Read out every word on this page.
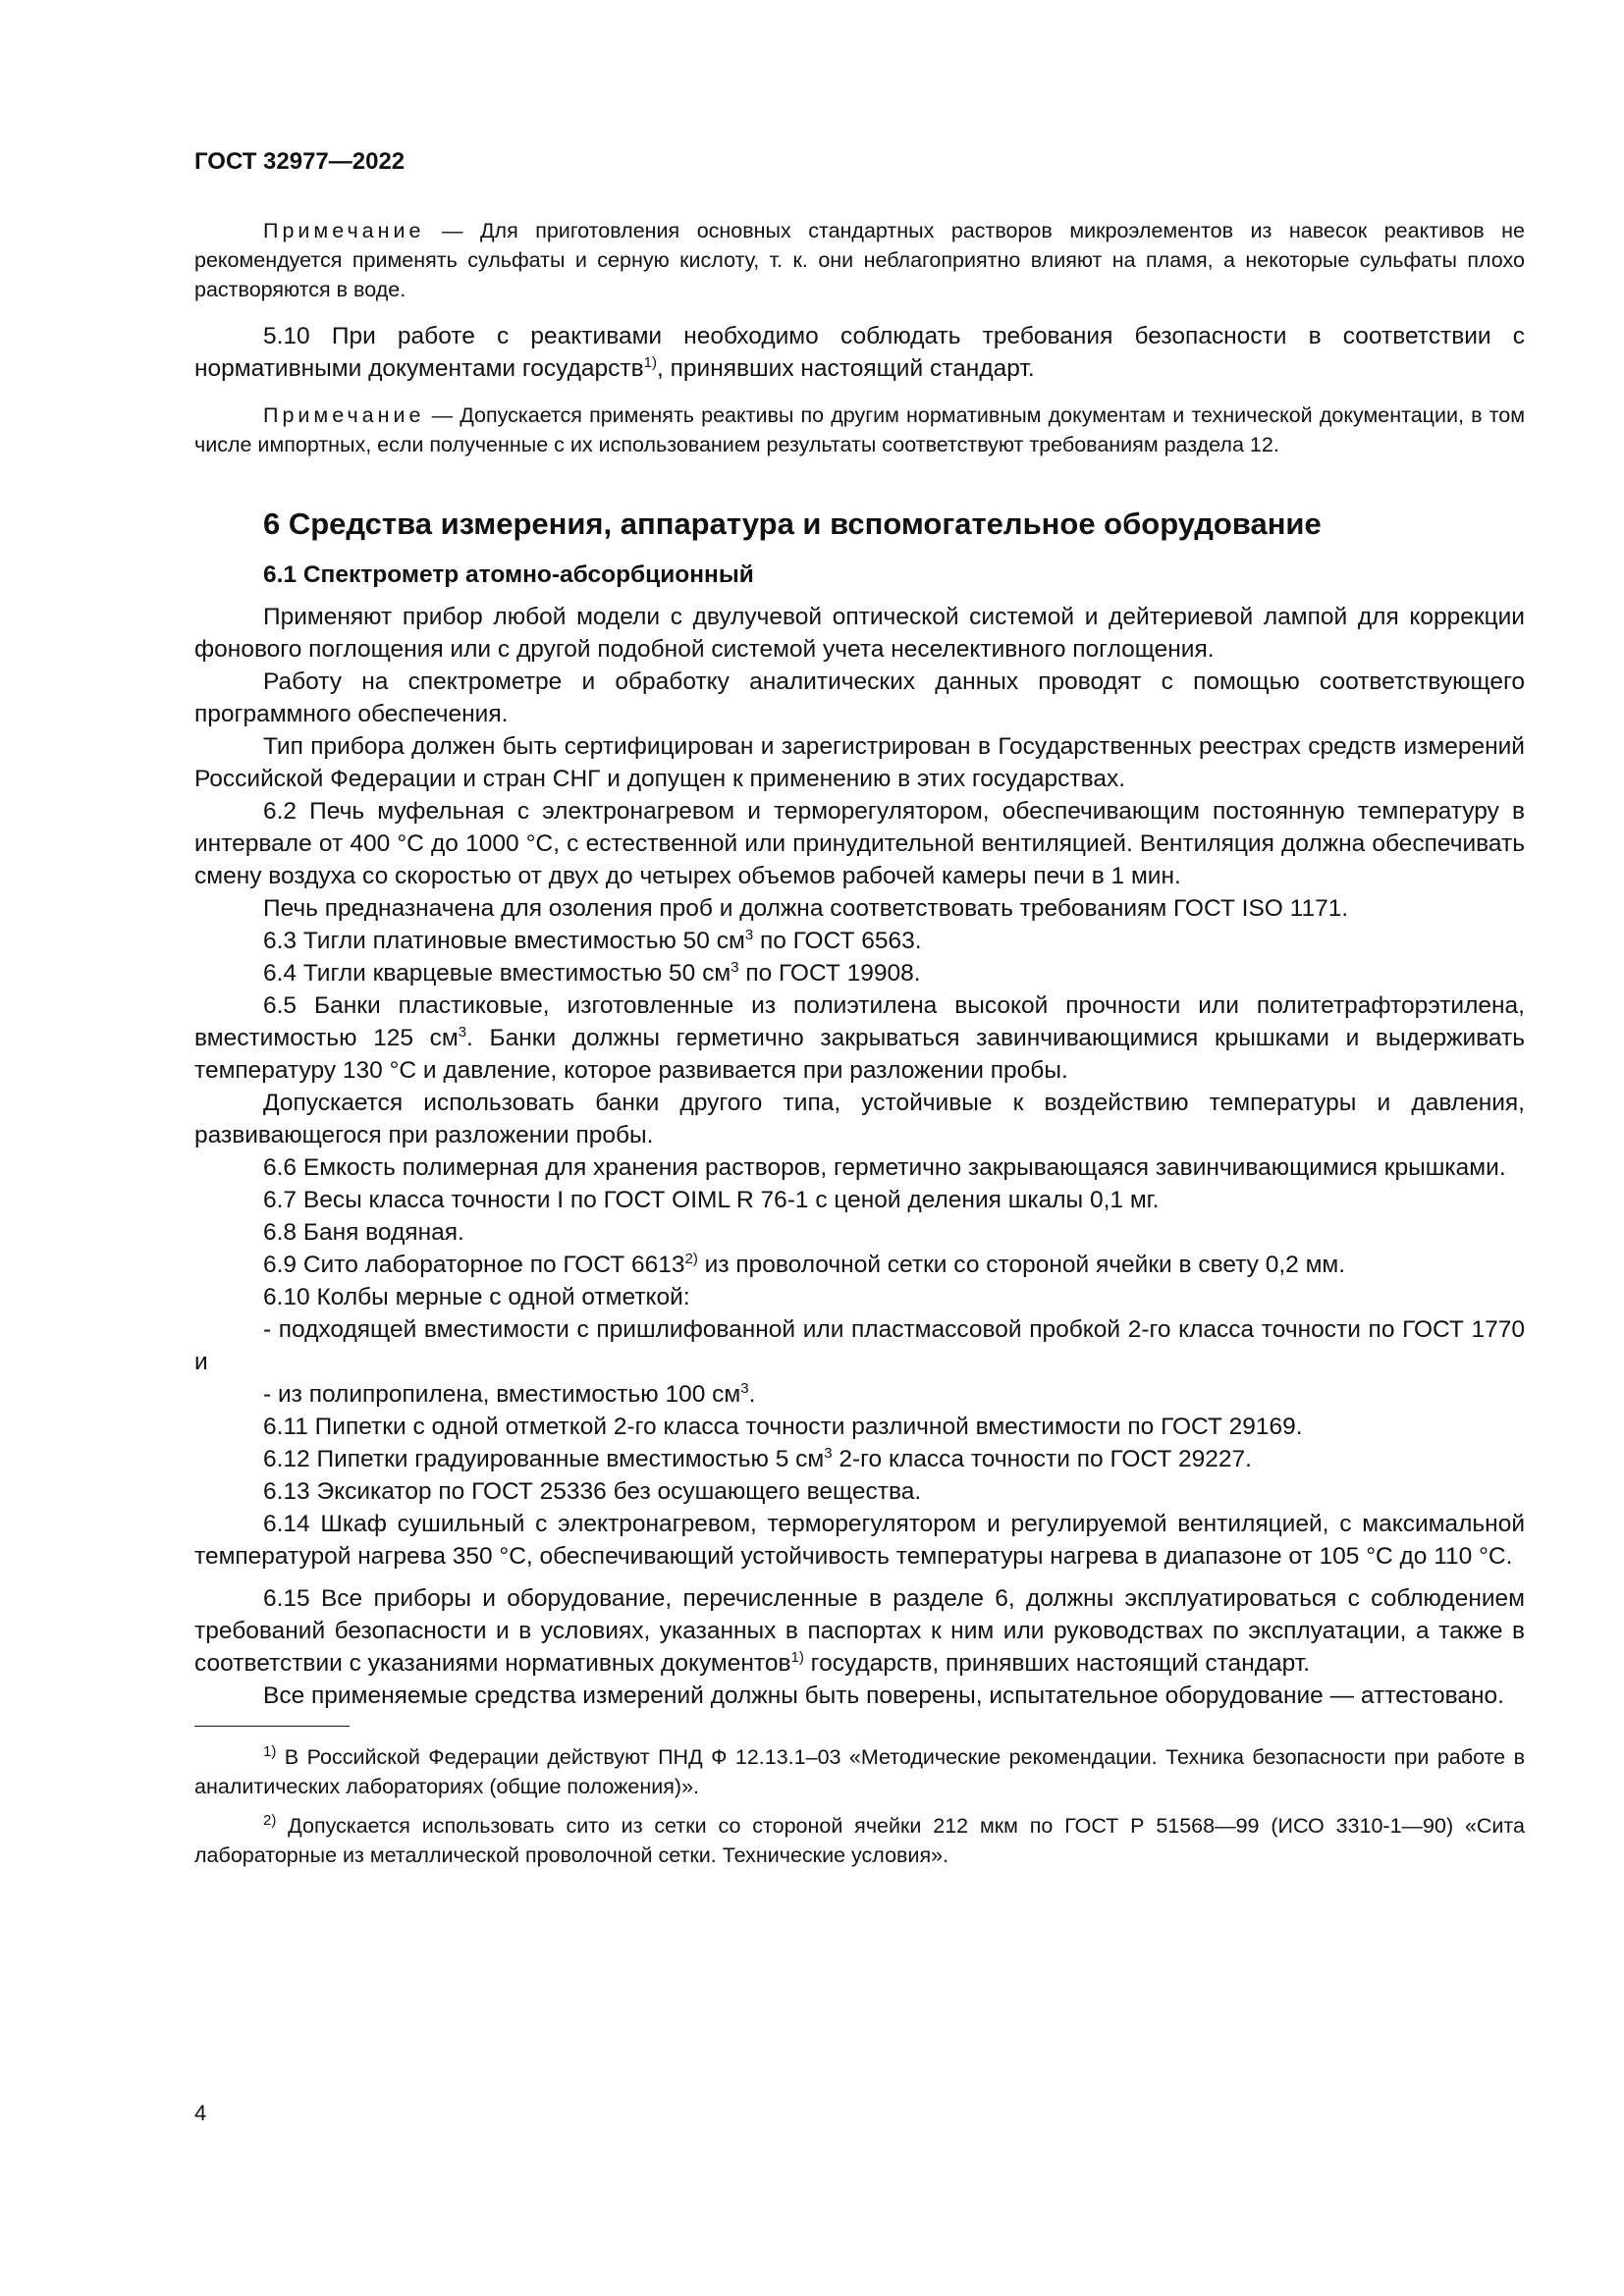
ГОСТ 32977—2022

Примечание — Для приготовления основных стандартных растворов микроэлементов из навесок реактивов не рекомендуется применять сульфаты и серную кислоту, т. к. они неблагоприятно влияют на пламя, а некоторые сульфаты плохо растворяются в воде.

5.10 При работе с реактивами необходимо соблюдать требования безопасности в соответствии с нормативными документами государств$^{1)}$, принявших настоящий стандарт.

Примечание — Допускается применять реактивы по другим нормативным документам и технической документации, в том числе импортных, если полученные с их использованием результаты соответствуют требованиям раздела 12.

6 Средства измерения, аппаратура и вспомогательное оборудование
6.1 Спектрометр атомно-абсорбционный

Применяют прибор любой модели с двулучевой оптической системой и дейтериевой лампой для коррекции фонового поглощения или с другой подобной системой учета неселективного поглощения.

Работу на спектрометре и обработку аналитических данных проводят с помощью соответствующего программного обеспечения.

Тип прибора должен быть сертифицирован и зарегистрирован в Государственных реестрах средств измерений Российской Федерации и стран СНГ и допущен к применению в этих государствах.

6.2 Печь муфельная с электронагревом и терморегулятором, обеспечивающим постоянную температуру в интервале от 400 °C до 1000 °C, с естественной или принудительной вентиляцией. Вентиляция должна обеспечивать смену воздуха со скоростью от двух до четырех объемов рабочей камеры печи в 1 мин.

Печь предназначена для озоления проб и должна соответствовать требованиям ГОСТ ISO 1171.

6.3 Тигли платиновые вместимостью 50 $см^3$ по ГОСТ 6563.

6.4 Тигли кварцевые вместимостью 50 $см^3$ по ГОСТ 19908.

6.5 Банки пластиковые, изготовленные из полиэтилена высокой прочности или политетрафторэтилена, вместимостью 125 $см^3$. Банки должны герметично закрываться завинчивающимися крышками и выдерживать температуру 130 °C и давление, которое развивается при разложении пробы.

Допускается использовать банки другого типа, устойчивые к воздействию температуры и давления, развивающегося при разложении пробы.

6.6 Емкость полимерная для хранения растворов, герметично закрывающаяся завинчивающимися крышками.

6.7 Весы класса точности I по ГОСТ OIML R 76-1 с ценой деления шкалы 0,1 мг.

6.8 Баня водяная.

6.9 Сито лабораторное по ГОСТ 6613$^{2)}$ из проволочной сетки со стороной ячейки в свету 0,2 мм.

6.10 Колбы мерные с одной отметкой:

- подходящей вместимости с пришлифованной или пластмассовой пробкой 2-го класса точности по ГОСТ 1770 и

- из полипропилена, вместимостью 100 $см^3$.

6.11 Пипетки с одной отметкой 2-го класса точности различной вместимости по ГОСТ 29169.

6.12 Пипетки градуированные вместимостью 5 $см^3$ 2-го класса точности по ГОСТ 29227.

6.13 Эксикатор по ГОСТ 25336 без осушающего вещества.

6.14 Шкаф сушильный с электронагревом, терморегулятором и регулируемой вентиляцией, с максимальной температурой нагрева 350 °C, обеспечивающий устойчивость температуры нагрева в диапазоне от 105 °C до 110 °C.

6.15 Все приборы и оборудование, перечисленные в разделе 6, должны эксплуатироваться с соблюдением требований безопасности и в условиях, указанных в паспортах к ним или руководствах по эксплуатации, а также в соответствии с указаниями нормативных документов$^{1)}$ государств, принявших настоящий стандарт.

Все применяемые средства измерений должны быть поверены, испытательное оборудование — аттестовано.

$^{1)}$ В Российской Федерации действуют ПНД Ф 12.13.1–03 «Методические рекомендации. Техника безопасности при работе в аналитических лабораториях (общие положения)».

$^{2)}$ Допускается использовать сито из сетки со стороной ячейки 212 мкм по ГОСТ Р 51568—99 (ИСО 3310-1—90) «Сита лабораторные из металлической проволочной сетки. Технические условия».

4
